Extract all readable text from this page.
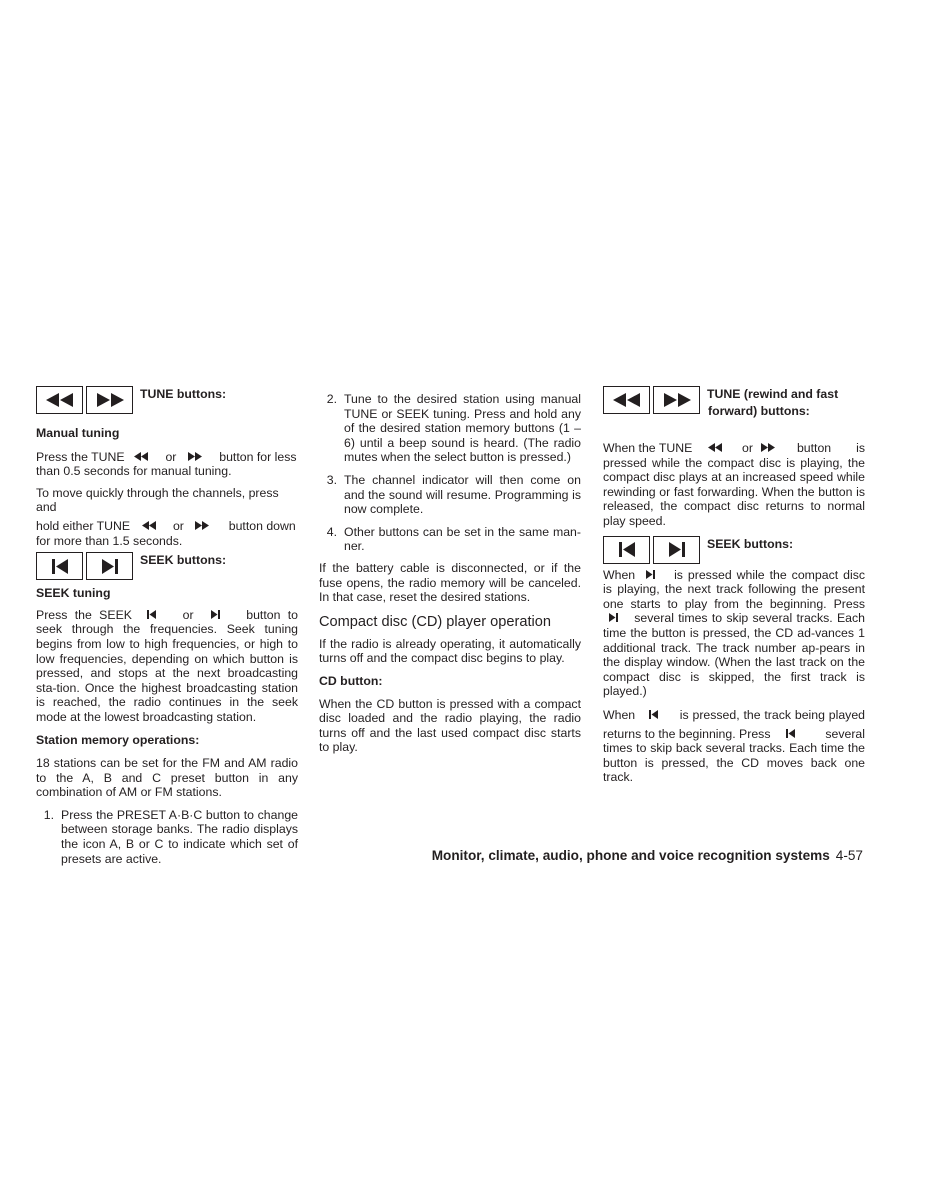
TUNE buttons:

Manual tuning

Press the TUNE	or	button for less
than 0.5 seconds for manual tuning.

To move quickly through the channels, press and
hold either TUNE	or	button down
for more than 1.5 seconds.

SEEK buttons:

SEEK tuning

Press the SEEK	or	button to seek through the frequencies. Seek tuning begins from low to high frequencies, or high to low frequencies, depending on which button is pressed, and stops at the next broadcasting sta-tion. Once the highest broadcasting station is reached, the radio continues in the seek mode at the lowest broadcasting station.

Station memory operations:

18 stations can be set for the FM and AM radio to the A, B and C preset button in any combination of AM or FM stations.

1. Press the PRESET A·B·C button to change between storage banks. The radio displays the icon A, B or C to indicate which set of presets are active.
2. Tune to the desired station using manual TUNE or SEEK tuning. Press and hold any of the desired station memory buttons (1 – 6) until a beep sound is heard. (The radio mutes when the select button is pressed.)
3. The channel indicator will then come on and the sound will resume. Programming is now complete.
4. Other buttons can be set in the same man-ner.

If the battery cable is disconnected, or if the fuse opens, the radio memory will be canceled. In that case, reset the desired stations.

Compact disc (CD) player operation

If the radio is already operating, it automatically turns off and the compact disc begins to play.

CD button:

When the CD button is pressed with a compact disc loaded and the radio playing, the radio turns off and the last used compact disc starts to play.

TUNE (rewind and fast
forward) buttons:

When the TUNE	or	button is pressed while the compact disc is playing, the compact disc plays at an increased speed while rewinding or fast forwarding. When the button is released, the compact disc returns to normal play speed.

SEEK buttons:

When	is pressed while the compact disc is playing, the next track following the present one starts to play from the beginning. Press  several times to skip several tracks. Each time the button is pressed, the CD ad-vances 1 additional track. The track number ap-pears in the display window. (When the last track on the compact disc is skipped, the first track is played.)

When	is pressed, the track being played returns to the beginning. Press	several times to skip back several tracks. Each time the button is pressed, the CD moves back one track.

Monitor, climate, audio, phone and voice recognition systems 4-57
